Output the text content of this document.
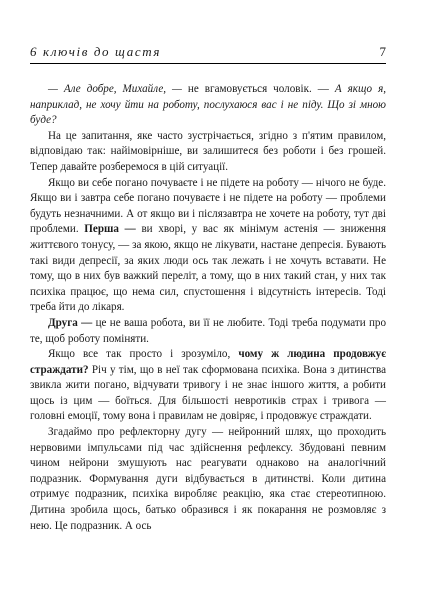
6 ключів до щастя	7

— Але добре, Михайле, — не вгамовується чоловік. — А якщо я, наприклад, не хочу йти на роботу, послухаюся вас і не піду. Що зі мною буде?

На це запитання, яке часто зустрічається, згідно з п'ятим правилом, відповідаю так: найімовірніше, ви залишитеся без роботи і без грошей. Тепер давайте розберемося в цій ситуації.

Якщо ви себе погано почуваєте і не підете на роботу — нічого не буде. Якщо ви і завтра себе погано почуваєте і не підете на роботу — проблеми будуть незначними. А от якщо ви і післязавтра не хочете на роботу, тут дві проблеми. Перша — ви хворі, у вас як мінімум астенія — зниження життєвого тонусу, — за якою, якщо не лікувати, настане депресія. Бувають такі види депресії, за яких люди ось так лежать і не хочуть вставати. Не тому, що в них був важкий переліт, а тому, що в них такий стан, у них так психіка працює, що нема сил, спустошення і відсутність інтересів. Тоді треба йти до лікаря.

Друга — це не ваша робота, ви її не любите. Тоді треба подумати про те, щоб роботу поміняти.

Якщо все так просто і зрозуміло, чому ж людина продовжує страждати? Річ у тім, що в неї так сформована психіка. Вона з дитинства звикла жити погано, відчувати тривогу і не знає іншого життя, а робити щось із цим — боїться. Для більшості невротиків страх і тривога — головні емоції, тому вона і правилам не довіряє, і продовжує страждати.

Згадаймо про рефлекторну дугу — нейронний шлях, що проходить нервовими імпульсами під час здійснення рефлексу. Збудовані певним чином нейрони змушують нас реагувати однаково на аналогічний подразник. Формування дуги відбувається в дитинстві. Коли дитина отримує подразник, психіка виробляє реакцію, яка стає стереотипною. Дитина зробила щось, батько образився і як покарання не розмовляє з нею. Це подразник. А ось
